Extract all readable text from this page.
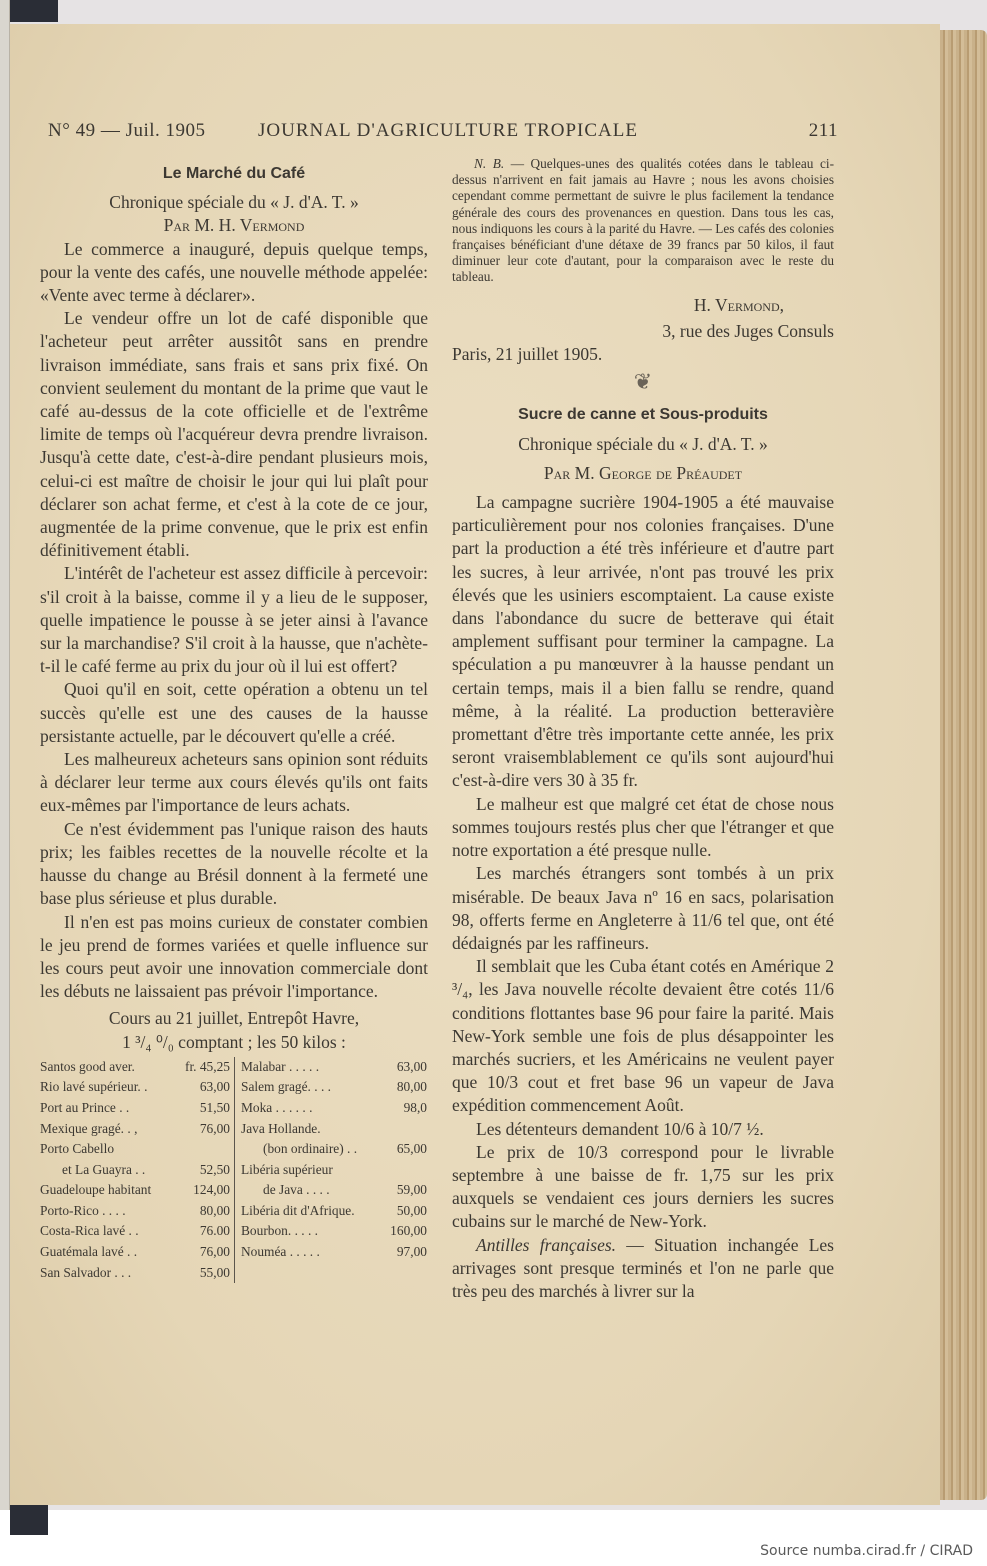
N° 49 — Juil. 1905	JOURNAL D'AGRICULTURE TROPICALE	211
Le Marché du Café
Chronique spéciale du « J. d'A. T. »
Par M. H. Vermond

Le commerce a inauguré, depuis quelque temps, pour la vente des cafés, une nouvelle méthode appelée: «Vente avec terme à déclarer».

Le vendeur offre un lot de café disponible que l'acheteur peut arrêter aussitôt sans en prendre livraison immédiate, sans frais et sans prix fixé. On convient seulement du montant de la prime que vaut le café au-dessus de la cote officielle et de l'extrême limite de temps où l'acquéreur devra prendre livraison. Jusqu'à cette date, c'est-à-dire pendant plusieurs mois, celui-ci est maître de choisir le jour qui lui plaît pour déclarer son achat ferme, et c'est à la cote de ce jour, augmentée de la prime convenue, que le prix est enfin définitivement établi.

L'intérêt de l'acheteur est assez difficile à percevoir: s'il croit à la baisse, comme il y a lieu de le supposer, quelle impatience le pousse à se jeter ainsi à l'avance sur la marchandise? S'il croit à la hausse, que n'achète-t-il le café ferme au prix du jour où il lui est offert?

Quoi qu'il en soit, cette opération a obtenu un tel succès qu'elle est une des causes de la hausse persistante actuelle, par le découvert qu'elle a créé.

Les malheureux acheteurs sans opinion sont réduits à déclarer leur terme aux cours élevés qu'ils ont faits eux-mêmes par l'importance de leurs achats.

Ce n'est évidemment pas l'unique raison des hauts prix; les faibles recettes de la nouvelle récolte et la hausse du change au Brésil donnent à la fermeté une base plus sérieuse et plus durable.

Il n'en est pas moins curieux de constater combien le jeu prend de formes variées et quelle influence sur les cours peut avoir une innovation commerciale dont les débuts ne laissaient pas prévoir l'importance.

Cours au 21 juillet, Entrepôt Havre,
1 ³/₄ ⁰/₀ comptant ; les 50 kilos :
Santos good aver.	fr. 45,25
Rio lavé supérieur. .	63,00
Port au Prince . .	51,50
Mexique gragé. . ,	76,00
Porto Cabello
et La Guayra . .	52,50
Guadeloupe habitant	124,00
Porto-Rico . . . .	80,00
Costa-Rica lavé . .	76.00
Guatémala lavé . .	76,00
San Salvador . . .	55,00
Malabar . . . . .	63,00
Salem gragé. . . .	80,00
Moka . . . . . .	98,0
Java Hollande.
(bon ordinaire) . .	65,00
Libéria supérieur
de Java . . . .	59,00
Libéria dit d'Afrique.	50,00
Bourbon. . . . .	160,00
Nouméa . . . . .	97,00

N. B. — Quelques-unes des qualités cotées dans le tableau ci-dessus n'arrivent en fait jamais au Havre ; nous les avons choisies cependant comme permettant de suivre le plus facilement la tendance générale des cours des provenances en question. Dans tous les cas, nous indiquons les cours à la parité du Havre. — Les cafés des colonies françaises bénéficiant d'une détaxe de 39 francs par 50 kilos, il faut diminuer leur cote d'autant, pour la comparaison avec le reste du tableau.

H. Vermond,
3, rue des Juges Consuls

Paris, 21 juillet 1905.

❦
Sucre de canne et Sous-produits
Chronique spéciale du « J. d'A. T. »
Par M. George de Préaudet

La campagne sucrière 1904-1905 a été mauvaise particulièrement pour nos colonies françaises. D'une part la production a été très inférieure et d'autre part les sucres, à leur arrivée, n'ont pas trouvé les prix élevés que les usiniers escomptaient. La cause existe dans l'abondance du sucre de betterave qui était amplement suffisant pour terminer la campagne. La spéculation a pu manœuvrer à la hausse pendant un certain temps, mais il a bien fallu se rendre, quand même, à la réalité. La production betteravière promettant d'être très importante cette année, les prix seront vraisemblablement ce qu'ils sont aujourd'hui c'est-à-dire vers 30 à 35 fr.

Le malheur est que malgré cet état de chose nous sommes toujours restés plus cher que l'étranger et que notre exportation a été presque nulle.

Les marchés étrangers sont tombés à un prix misérable. De beaux Java nº 16 en sacs, polarisation 98, offerts ferme en Angleterre à 11/6 tel que, ont été dédaignés par les raffineurs.

Il semblait que les Cuba étant cotés en Amérique 2 ³/₄, les Java nouvelle récolte devaient être cotés 11/6 conditions flottantes base 96 pour faire la parité. Mais New-York semble une fois de plus désappointer les marchés sucriers, et les Américains ne veulent payer que 10/3 cout et fret base 96 un vapeur de Java expédition commencement Août.

Les détenteurs demandent 10/6 à 10/7 ½.

Le prix de 10/3 correspond pour le livrable septembre à une baisse de fr. 1,75 sur les prix auxquels se vendaient ces jours derniers les sucres cubains sur le marché de New-York.

Antilles françaises. — Situation inchangée Les arrivages sont presque terminés et l'on ne parle que très peu des marchés à livrer sur la

Source numba.cirad.fr / CIRAD
